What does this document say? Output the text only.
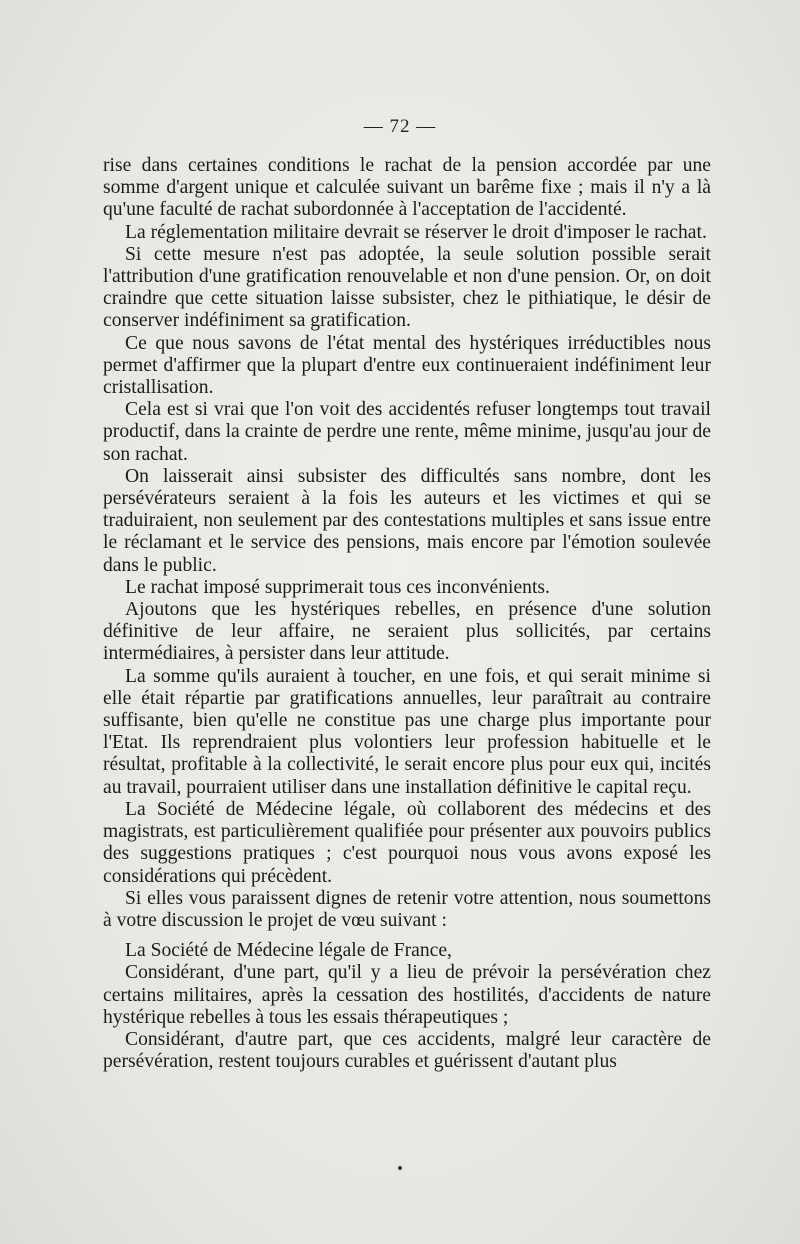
— 72 —

rise dans certaines conditions le rachat de la pension accordée par une somme d'argent unique et calculée suivant un barême fixe ; mais il n'y a là qu'une faculté de rachat subordonnée à l'acceptation de l'accidenté.

La réglementation militaire devrait se réserver le droit d'imposer le rachat.

Si cette mesure n'est pas adoptée, la seule solution possible serait l'attribution d'une gratification renouvelable et non d'une pension. Or, on doit craindre que cette situation laisse subsister, chez le pithiatique, le désir de conserver indéfiniment sa gratification.

Ce que nous savons de l'état mental des hystériques irréductibles nous permet d'affirmer que la plupart d'entre eux continueraient indéfiniment leur cristallisation.

Cela est si vrai que l'on voit des accidentés refuser longtemps tout travail productif, dans la crainte de perdre une rente, même minime, jusqu'au jour de son rachat.

On laisserait ainsi subsister des difficultés sans nombre, dont les persévérateurs seraient à la fois les auteurs et les victimes et qui se traduiraient, non seulement par des contestations multiples et sans issue entre le réclamant et le service des pensions, mais encore par l'émotion soulevée dans le public.

Le rachat imposé supprimerait tous ces inconvénients.

Ajoutons que les hystériques rebelles, en présence d'une solution définitive de leur affaire, ne seraient plus sollicités, par certains intermédiaires, à persister dans leur attitude.

La somme qu'ils auraient à toucher, en une fois, et qui serait minime si elle était répartie par gratifications annuelles, leur paraîtrait au contraire suffisante, bien qu'elle ne constitue pas une charge plus importante pour l'Etat. Ils reprendraient plus volontiers leur profession habituelle et le résultat, profitable à la collectivité, le serait encore plus pour eux qui, incités au travail, pourraient utiliser dans une installation définitive le capital reçu.

La Société de Médecine légale, où collaborent des médecins et des magistrats, est particulièrement qualifiée pour présenter aux pouvoirs publics des suggestions pratiques ; c'est pourquoi nous vous avons exposé les considérations qui précèdent.

Si elles vous paraissent dignes de retenir votre attention, nous soumettons à votre discussion le projet de vœu suivant :

La Société de Médecine légale de France,

Considérant, d'une part, qu'il y a lieu de prévoir la persévération chez certains militaires, après la cessation des hostilités, d'accidents de nature hystérique rebelles à tous les essais thérapeutiques ;

Considérant, d'autre part, que ces accidents, malgré leur caractère de persévération, restent toujours curables et guérissent d'autant plus
